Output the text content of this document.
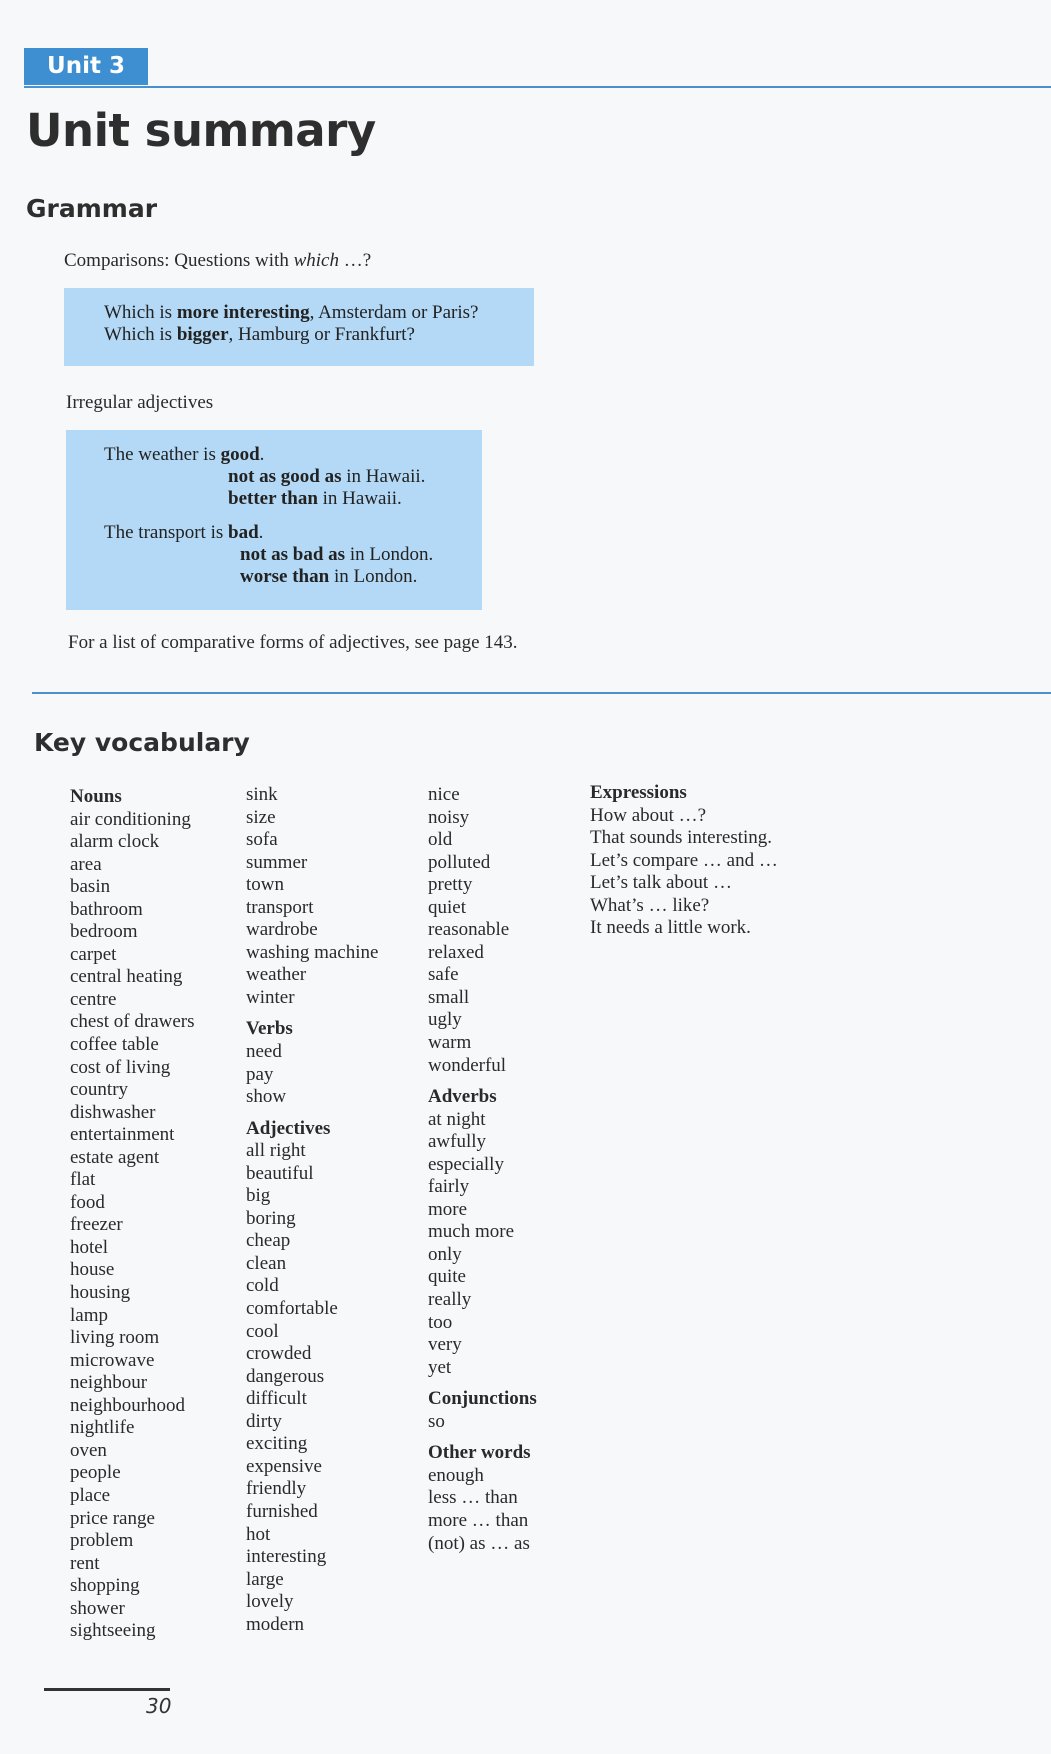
Unit 3
Unit summary
Grammar
Comparisons: Questions with which …?
Which is more interesting, Amsterdam or Paris?
Which is bigger, Hamburg or Frankfurt?
Irregular adjectives
The weather is good.
not as good as in Hawaii.
better than in Hawaii.
The transport is bad.
not as bad as in London.
worse than in London.
For a list of comparative forms of adjectives, see page 143.
Key vocabulary
Nouns
air conditioning
alarm clock
area
basin
bathroom
bedroom
carpet
central heating
centre
chest of drawers
coffee table
cost of living
country
dishwasher
entertainment
estate agent
flat
food
freezer
hotel
house
housing
lamp
living room
microwave
neighbour
neighbourhood
nightlife
oven
people
place
price range
problem
rent
shopping
shower
sightseeing
sink
size
sofa
summer
town
transport
wardrobe
washing machine
weather
winter
Verbs
need
pay
show
Adjectives
all right
beautiful
big
boring
cheap
clean
cold
comfortable
cool
crowded
dangerous
difficult
dirty
exciting
expensive
friendly
furnished
hot
interesting
large
lovely
modern
nice
noisy
old
polluted
pretty
quiet
reasonable
relaxed
safe
small
ugly
warm
wonderful
Adverbs
at night
awfully
especially
fairly
more
much more
only
quite
really
too
very
yet
Conjunctions
so
Other words
enough
less … than
more … than
(not) as … as
Expressions
How about …?
That sounds interesting.
Let’s compare … and …
Let’s talk about …
What’s … like?
It needs a little work.
30
